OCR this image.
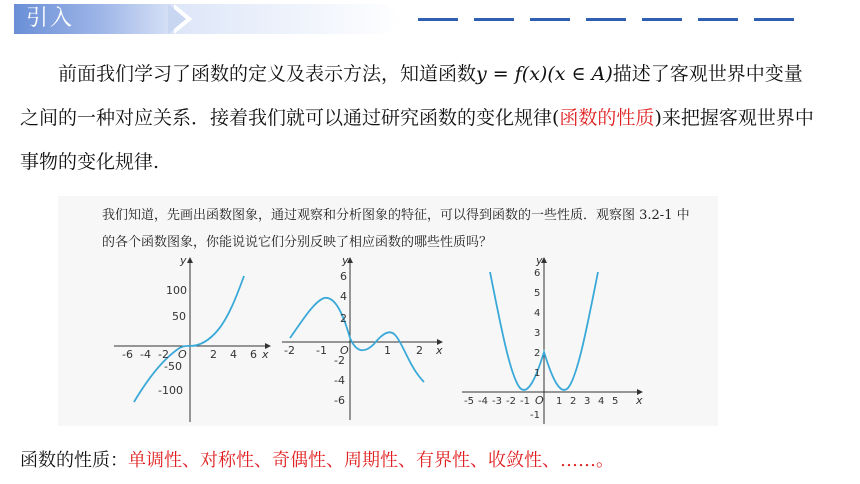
引入
前面我们学习了函数的定义及表示方法，知道函数y = f(x)(x ∈ A)描述了客观世界中变量之间的一种对应关系．接着我们就可以通过研究函数的变化规律(函数的性质)来把握客观世界中事物的变化规律.
我们知道，先画出函数图象，通过观察和分析图象的特征，可以得到函数的一些性质．观察图 3.2-1 中的各个函数图象，你能说说它们分别反映了相应函数的哪些性质吗？
y
x
O
-6 -4 -2	2 4 6
100
50
-50
-100
y
x
O
-2 -1	1 2
6
4
2
-2
-4
-6
y
x
O
-5 -4 -3 -2 -1	1 2 3 4 5
6
5
4
3
2
1
-1
函数的性质：单调性、对称性、奇偶性、周期性、有界性、收敛性、……。
